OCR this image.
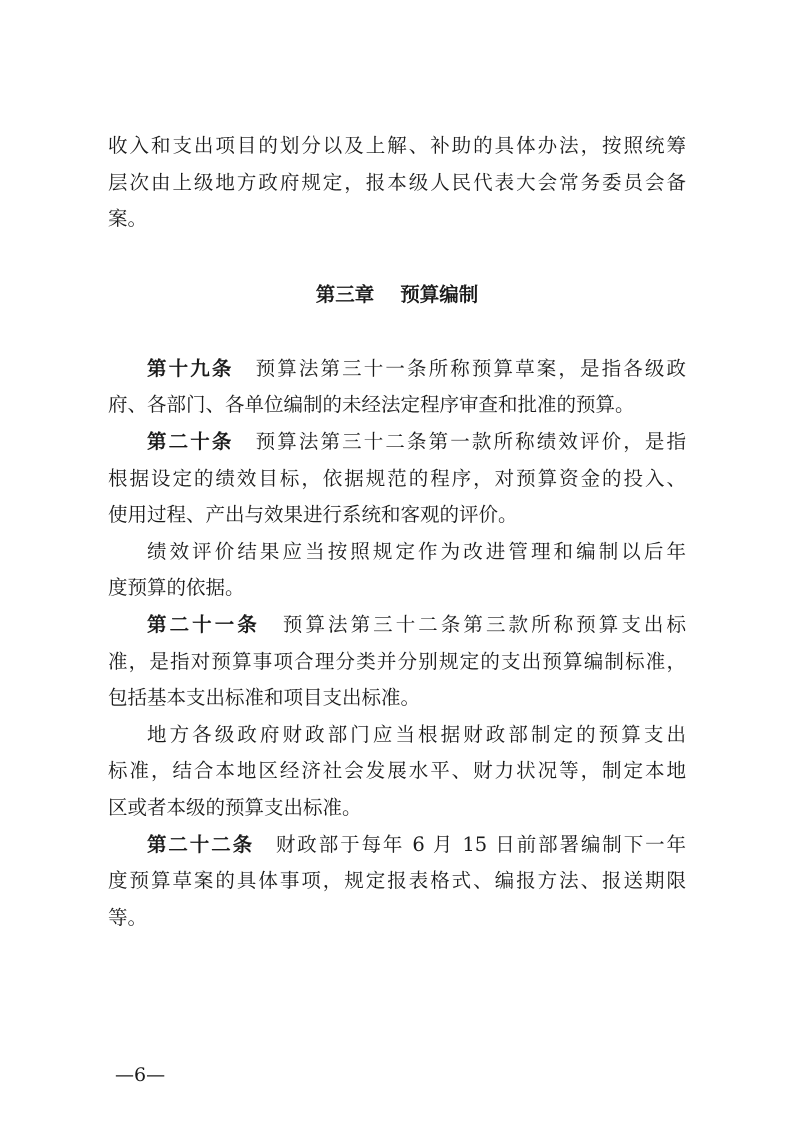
收入和支出项目的划分以及上解、补助的具体办法，按照统筹
层次由上级地方政府规定，报本级人民代表大会常务委员会备
案。
第三章 预算编制
第十九条 预算法第三十一条所称预算草案，是指各级政
府、各部门、各单位编制的未经法定程序审查和批准的预算。
第二十条 预算法第三十二条第一款所称绩效评价，是指
根据设定的绩效目标，依据规范的程序，对预算资金的投入、
使用过程、产出与效果进行系统和客观的评价。
绩效评价结果应当按照规定作为改进管理和编制以后年
度预算的依据。
第二十一条 预算法第三十二条第三款所称预算支出标
准，是指对预算事项合理分类并分别规定的支出预算编制标准，
包括基本支出标准和项目支出标准。
地方各级政府财政部门应当根据财政部制定的预算支出
标准，结合本地区经济社会发展水平、财力状况等，制定本地
区或者本级的预算支出标准。
第二十二条 财政部于每年 6 月 15 日前部署编制下一年
度预算草案的具体事项，规定报表格式、编报方法、报送期限
等。
—6—
